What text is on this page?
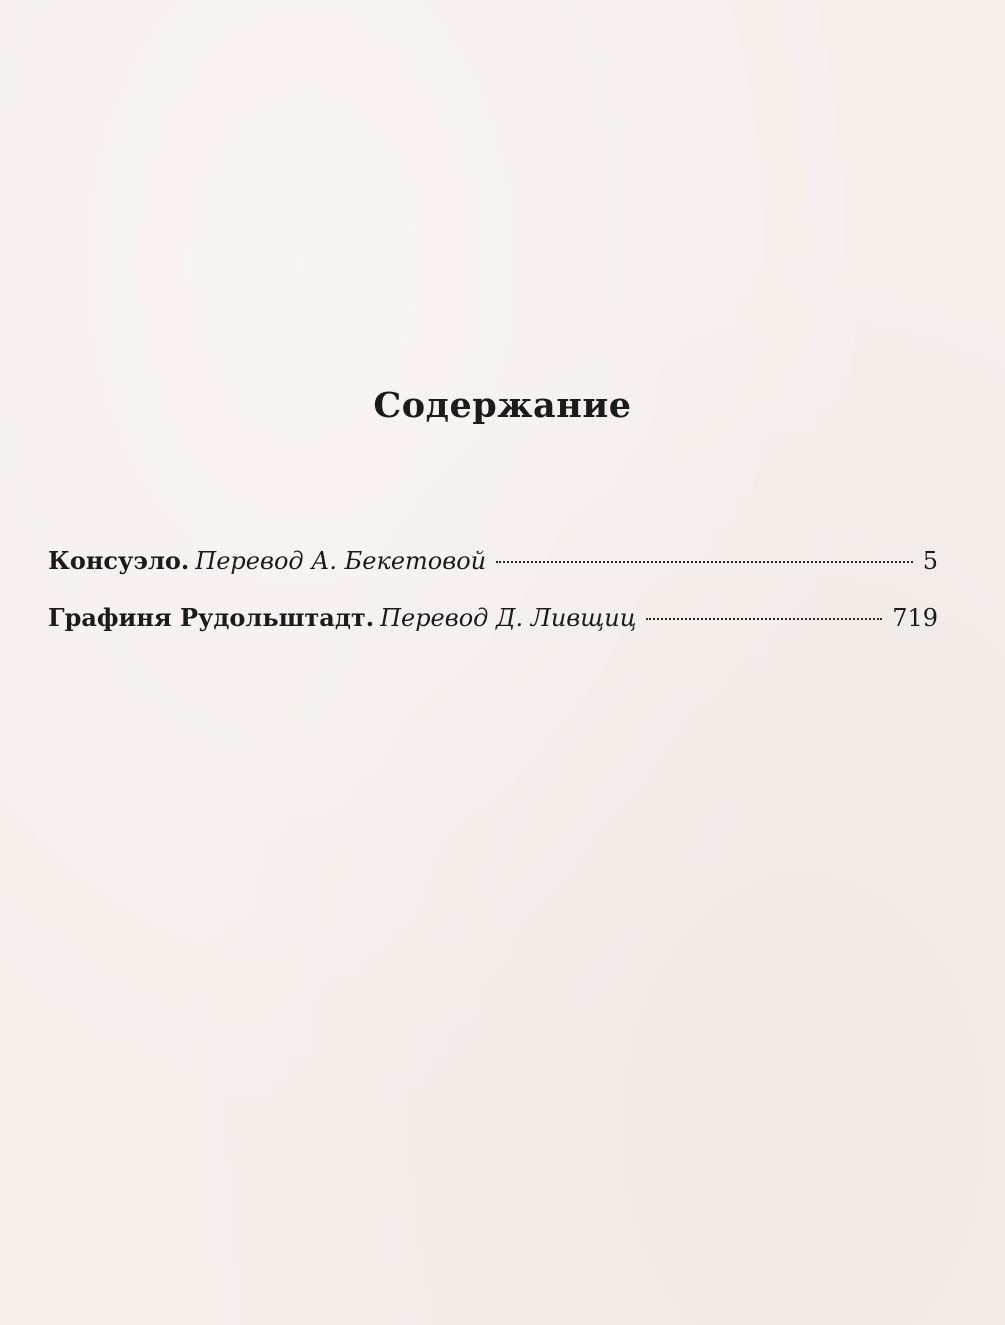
Содержание
Консуэло. Перевод А. Бекетовой	5
Графиня Рудольштадт. Перевод Д. Ливщиц	719
